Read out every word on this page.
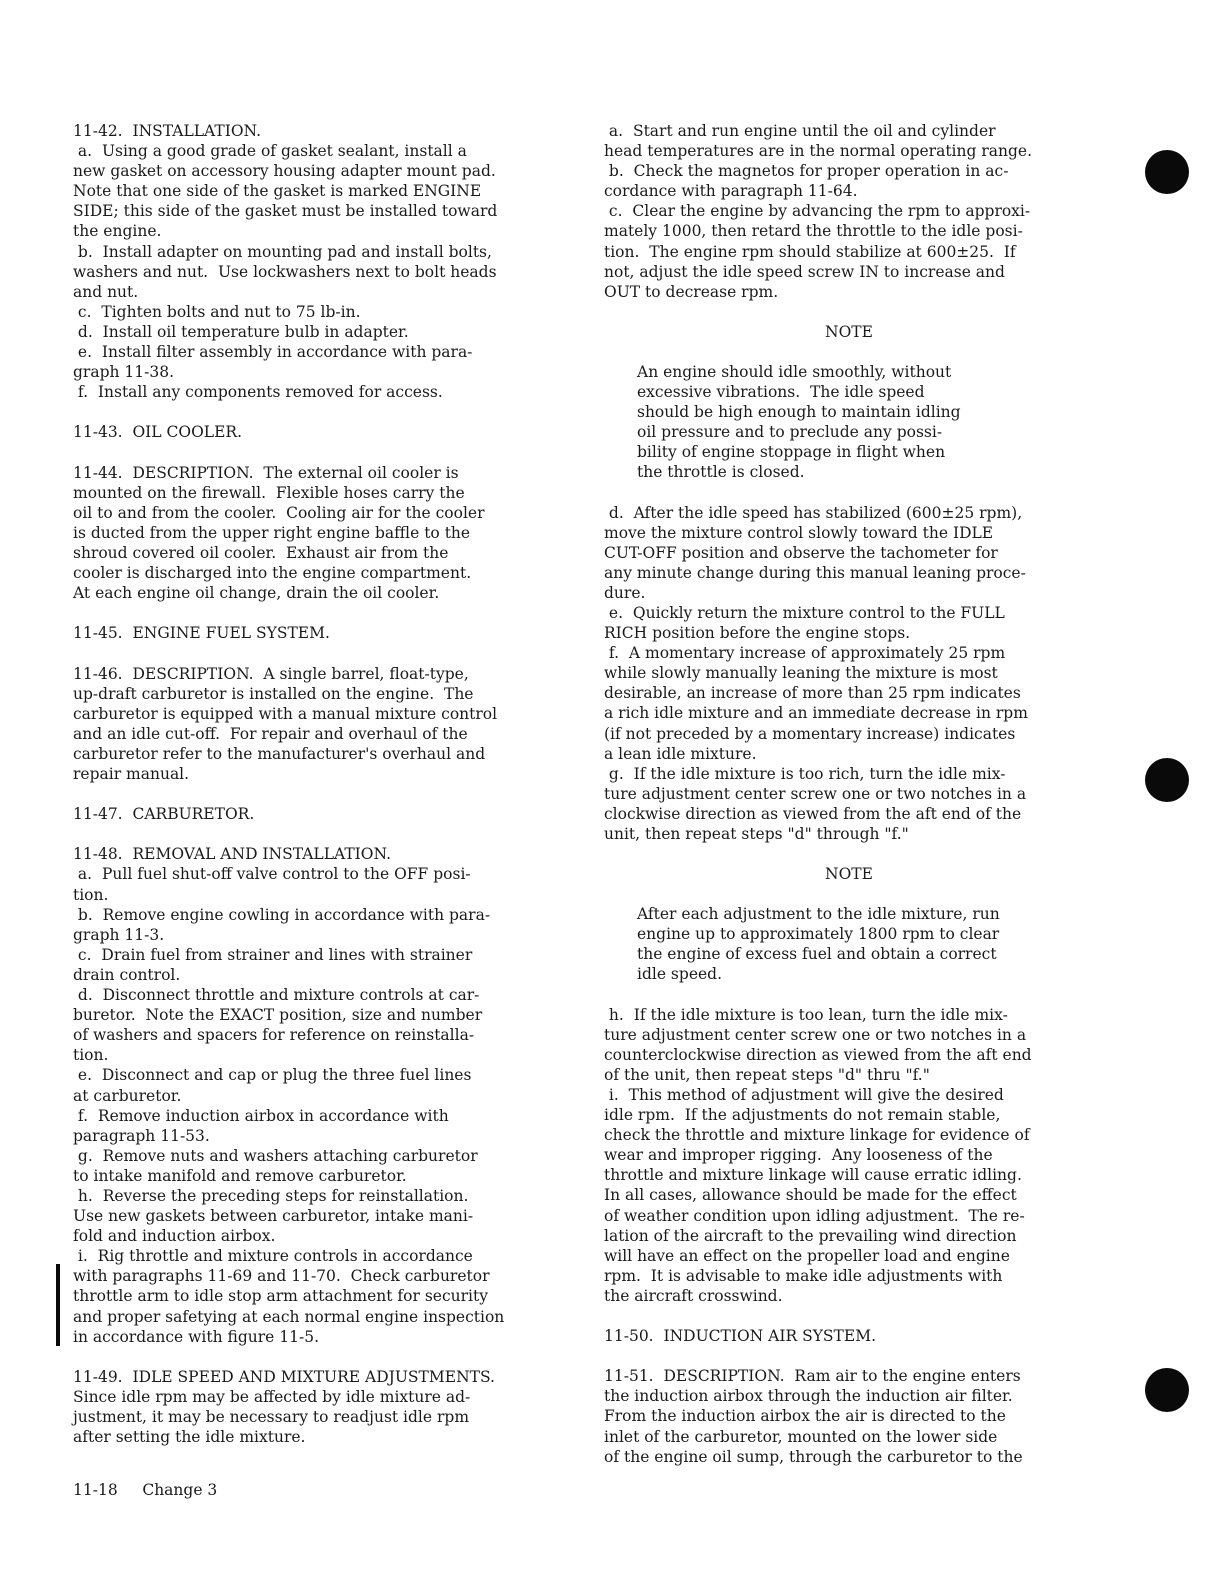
11-42.  INSTALLATION.
a.  Using a good grade of gasket sealant, install a
new gasket on accessory housing adapter mount pad.
Note that one side of the gasket is marked ENGINE
SIDE; this side of the gasket must be installed toward
the engine.
b.  Install adapter on mounting pad and install bolts,
washers and nut.  Use lockwashers next to bolt heads
and nut.
c.  Tighten bolts and nut to 75 lb-in.
d.  Install oil temperature bulb in adapter.
e.  Install filter assembly in accordance with para-
graph 11-38.
f.  Install any components removed for access.

11-43.  OIL COOLER.

11-44.  DESCRIPTION.  The external oil cooler is
mounted on the firewall.  Flexible hoses carry the
oil to and from the cooler.  Cooling air for the cooler
is ducted from the upper right engine baffle to the
shroud covered oil cooler.  Exhaust air from the
cooler is discharged into the engine compartment.
At each engine oil change, drain the oil cooler.

11-45.  ENGINE FUEL SYSTEM.

11-46.  DESCRIPTION.  A single barrel, float-type,
up-draft carburetor is installed on the engine.  The
carburetor is equipped with a manual mixture control
and an idle cut-off.  For repair and overhaul of the
carburetor refer to the manufacturer's overhaul and
repair manual.

11-47.  CARBURETOR.

11-48.  REMOVAL AND INSTALLATION.
a.  Pull fuel shut-off valve control to the OFF posi-
tion.
b.  Remove engine cowling in accordance with para-
graph 11-3.
c.  Drain fuel from strainer and lines with strainer
drain control.
d.  Disconnect throttle and mixture controls at car-
buretor.  Note the EXACT position, size and number
of washers and spacers for reference on reinstalla-
tion.
e.  Disconnect and cap or plug the three fuel lines
at carburetor.
f.  Remove induction airbox in accordance with
paragraph 11-53.
g.  Remove nuts and washers attaching carburetor
to intake manifold and remove carburetor.
h.  Reverse the preceding steps for reinstallation.
Use new gaskets between carburetor, intake mani-
fold and induction airbox.
i.  Rig throttle and mixture controls in accordance
with paragraphs 11-69 and 11-70.  Check carburetor
throttle arm to idle stop arm attachment for security
and proper safetying at each normal engine inspection
in accordance with figure 11-5.

11-49.  IDLE SPEED AND MIXTURE ADJUSTMENTS.
Since idle rpm may be affected by idle mixture ad-
justment, it may be necessary to readjust idle rpm
after setting the idle mixture.
a.  Start and run engine until the oil and cylinder
head temperatures are in the normal operating range.
b.  Check the magnetos for proper operation in ac-
cordance with paragraph 11-64.
c.  Clear the engine by advancing the rpm to approxi-
mately 1000, then retard the throttle to the idle posi-
tion.  The engine rpm should stabilize at 600±25.  If
not, adjust the idle speed screw IN to increase and
OUT to decrease rpm.
NOTE
An engine should idle smoothly, without
excessive vibrations.  The idle speed
should be high enough to maintain idling
oil pressure and to preclude any possi-
bility of engine stoppage in flight when
the throttle is closed.
d.  After the idle speed has stabilized (600±25 rpm),
move the mixture control slowly toward the IDLE
CUT-OFF position and observe the tachometer for
any minute change during this manual leaning proce-
dure.
e.  Quickly return the mixture control to the FULL
RICH position before the engine stops.
f.  A momentary increase of approximately 25 rpm
while slowly manually leaning the mixture is most
desirable, an increase of more than 25 rpm indicates
a rich idle mixture and an immediate decrease in rpm
(if not preceded by a momentary increase) indicates
a lean idle mixture.
g.  If the idle mixture is too rich, turn the idle mix-
ture adjustment center screw one or two notches in a
clockwise direction as viewed from the aft end of the
unit, then repeat steps "d" through "f."
NOTE
After each adjustment to the idle mixture, run
engine up to approximately 1800 rpm to clear
the engine of excess fuel and obtain a correct
idle speed.
h.  If the idle mixture is too lean, turn the idle mix-
ture adjustment center screw one or two notches in a
counterclockwise direction as viewed from the aft end
of the unit, then repeat steps "d" thru "f."
i.  This method of adjustment will give the desired
idle rpm.  If the adjustments do not remain stable,
check the throttle and mixture linkage for evidence of
wear and improper rigging.  Any looseness of the
throttle and mixture linkage will cause erratic idling.
In all cases, allowance should be made for the effect
of weather condition upon idling adjustment.  The re-
lation of the aircraft to the prevailing wind direction
will have an effect on the propeller load and engine
rpm.  It is advisable to make idle adjustments with
the aircraft crosswind.

11-50.  INDUCTION AIR SYSTEM.

11-51.  DESCRIPTION.  Ram air to the engine enters
the induction airbox through the induction air filter.
From the induction airbox the air is directed to the
inlet of the carburetor, mounted on the lower side
of the engine oil sump, through the carburetor to the
11-18 Change 3
